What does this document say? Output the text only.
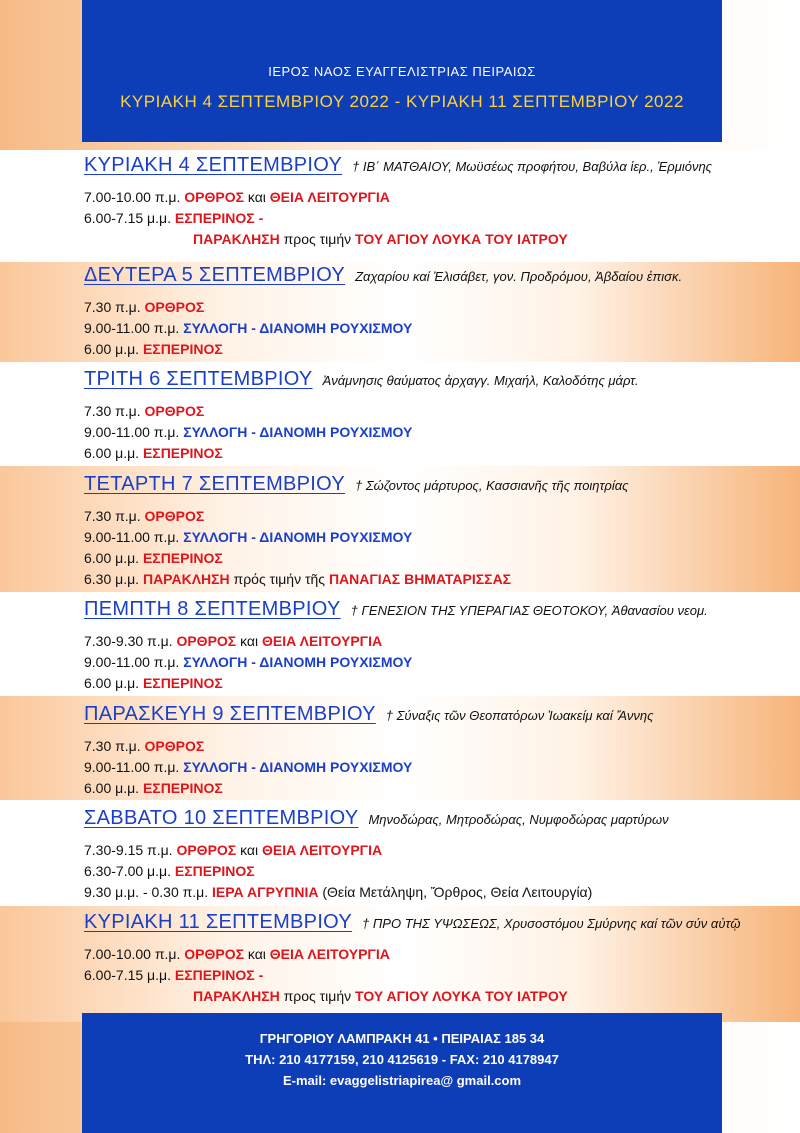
ΙΕΡΟΣ ΝΑΟΣ ΕΥΑΓΓΕΛΙΣΤΡΙΑΣ ΠΕΙΡΑΙΩΣ
ΚΥΡΙΑΚΗ 4 ΣΕΠΤΕΜΒΡΙΟΥ 2022 - ΚΥΡΙΑΚΗ 11 ΣΕΠΤΕΜΒΡΙΟΥ 2022
ΚΥΡΙΑΚΗ 4 ΣΕΠΤΕΜΒΡΙΟΥ † ΙΒ΄ ΜΑΤΘΑΙΟΥ, Μωϋσέως προφήτου, Βαβύλα ἱερ., Ἑρμιόνης
7.00-10.00 π.μ. ΟΡΘΡΟΣ και ΘΕΙΑ ΛΕΙΤΟΥΡΓΙΑ
6.00-7.15 μ.μ. ΕΣΠΕΡΙΝΟΣ -
ΠΑΡΑΚΛΗΣΗ προς τιμήν ΤΟΥ ΑΓΙΟΥ ΛΟΥΚΑ ΤΟΥ ΙΑΤΡΟΥ
ΔΕΥΤΕΡΑ 5 ΣΕΠΤΕΜΒΡΙΟΥ Ζαχαρίου καί Ἐλισάβετ, γον. Προδρόμου, Ἀβδαίου ἐπισκ.
7.30 π.μ. ΟΡΘΡΟΣ
9.00-11.00 π.μ. ΣΥΛΛΟΓΗ - ΔΙΑΝΟΜΗ ΡΟΥΧΙΣΜΟΥ
6.00 μ.μ. ΕΣΠΕΡΙΝΟΣ
ΤΡΙΤΗ 6 ΣΕΠΤΕΜΒΡΙΟΥ Ἀνάμνησις θαύματος ἀρχαγγ. Μιχαήλ, Καλοδότης μάρτ.
7.30 π.μ. ΟΡΘΡΟΣ
9.00-11.00 π.μ. ΣΥΛΛΟΓΗ - ΔΙΑΝΟΜΗ ΡΟΥΧΙΣΜΟΥ
6.00 μ.μ. ΕΣΠΕΡΙΝΟΣ
ΤΕΤΑΡΤΗ 7 ΣΕΠΤΕΜΒΡΙΟΥ † Σώζοντος μάρτυρος, Κασσιανῆς τῆς ποιητρίας
7.30 π.μ. ΟΡΘΡΟΣ
9.00-11.00 π.μ. ΣΥΛΛΟΓΗ - ΔΙΑΝΟΜΗ ΡΟΥΧΙΣΜΟΥ
6.00 μ.μ. ΕΣΠΕΡΙΝΟΣ
6.30 μ.μ. ΠΑΡΑΚΛΗΣΗ πρός τιμήν τῆς ΠΑΝΑΓΙΑΣ ΒΗΜΑΤΑΡΙΣΣΑΣ
ΠΕΜΠΤΗ 8 ΣΕΠΤΕΜΒΡΙΟΥ † ΓΕΝΕΣΙΟΝ ΤΗΣ ΥΠΕΡΑΓΙΑΣ ΘΕΟΤΟΚΟΥ, Ἀθανασίου νεομ.
7.30-9.30 π.μ. ΟΡΘΡΟΣ και ΘΕΙΑ ΛΕΙΤΟΥΡΓΙΑ
9.00-11.00 π.μ. ΣΥΛΛΟΓΗ - ΔΙΑΝΟΜΗ ΡΟΥΧΙΣΜΟΥ
6.00 μ.μ. ΕΣΠΕΡΙΝΟΣ
ΠΑΡΑΣΚΕΥΗ 9 ΣΕΠΤΕΜΒΡΙΟΥ † Σύναξις τῶν Θεοπατόρων Ἰωακείμ καί Ἄννης
7.30 π.μ. ΟΡΘΡΟΣ
9.00-11.00 π.μ. ΣΥΛΛΟΓΗ - ΔΙΑΝΟΜΗ ΡΟΥΧΙΣΜΟΥ
6.00 μ.μ. ΕΣΠΕΡΙΝΟΣ
ΣΑΒΒΑΤΟ 10 ΣΕΠΤΕΜΒΡΙΟΥ Μηνοδώρας, Μητροδώρας, Νυμφοδώρας μαρτύρων
7.30-9.15 π.μ. ΟΡΘΡΟΣ και ΘΕΙΑ ΛΕΙΤΟΥΡΓΙΑ
6.30-7.00 μ.μ. ΕΣΠΕΡΙΝΟΣ
9.30 μ.μ. - 0.30 π.μ. ΙΕΡΑ ΑΓΡΥΠΝΙΑ (Θεία Μετάληψη, Ὄρθρος, Θεία Λειτουργία)
ΚΥΡΙΑΚΗ 11 ΣΕΠΤΕΜΒΡΙΟΥ † ΠΡΟ ΤΗΣ ΥΨΩΣΕΩΣ, Χρυσοστόμου Σμύρνης καί τῶν σύν αὐτῷ
7.00-10.00 π.μ. ΟΡΘΡΟΣ και ΘΕΙΑ ΛΕΙΤΟΥΡΓΙΑ
6.00-7.15 μ.μ. ΕΣΠΕΡΙΝΟΣ -
ΠΑΡΑΚΛΗΣΗ προς τιμήν ΤΟΥ ΑΓΙΟΥ ΛΟΥΚΑ ΤΟΥ ΙΑΤΡΟΥ
ΓΡΗΓΟΡΙΟΥ ΛΑΜΠΡΑΚΗ 41 • ΠΕΙΡΑΙΑΣ 185 34
ΤΗΛ: 210 4177159, 210 4125619 - FAX: 210 4178947
E-mail: evaggelistriapirea@ gmail.com
